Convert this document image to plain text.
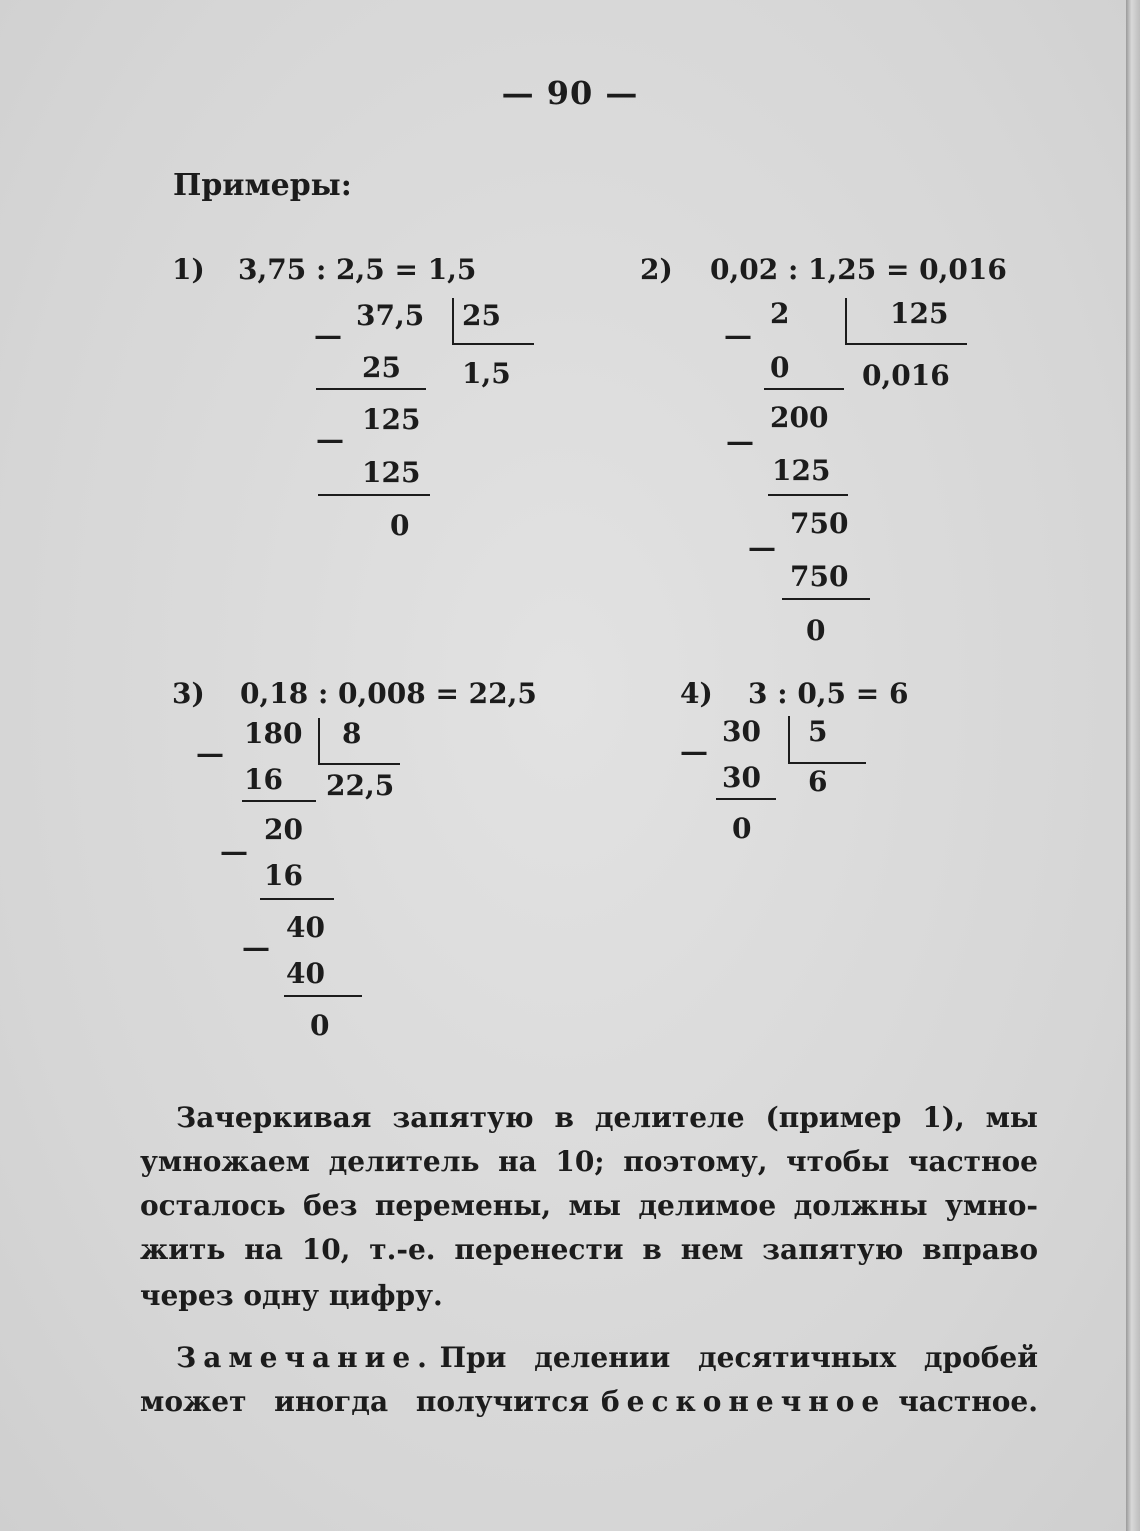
— 90 —
Примеры:
1) 3,75 : 2,5 = 1,5
37,5 25
1,5
—
25
125
—
125
0
2) 0,02 : 1,25 = 0,016
2	125
0,016
—
0
200
—
125
750
—
750
0
3) 0,18 : 0,008 = 22,5
180 8
22,5
—
16
20
—
16
40
—
40
0
4) 3 : 0,5 = 6
30 5
6
—
30
0
Зачеркивая запятую в делителе (пример 1), мы
умножаем делитель на 10; поэтому, чтобы частное
осталось без перемены, мы делимое должны умно-
жить на 10, т.-е. перенести в нем запятую вправо
через одну цифру.
Замечание. При делении десятичных дробей
может иногда получится бесконечное частное.
